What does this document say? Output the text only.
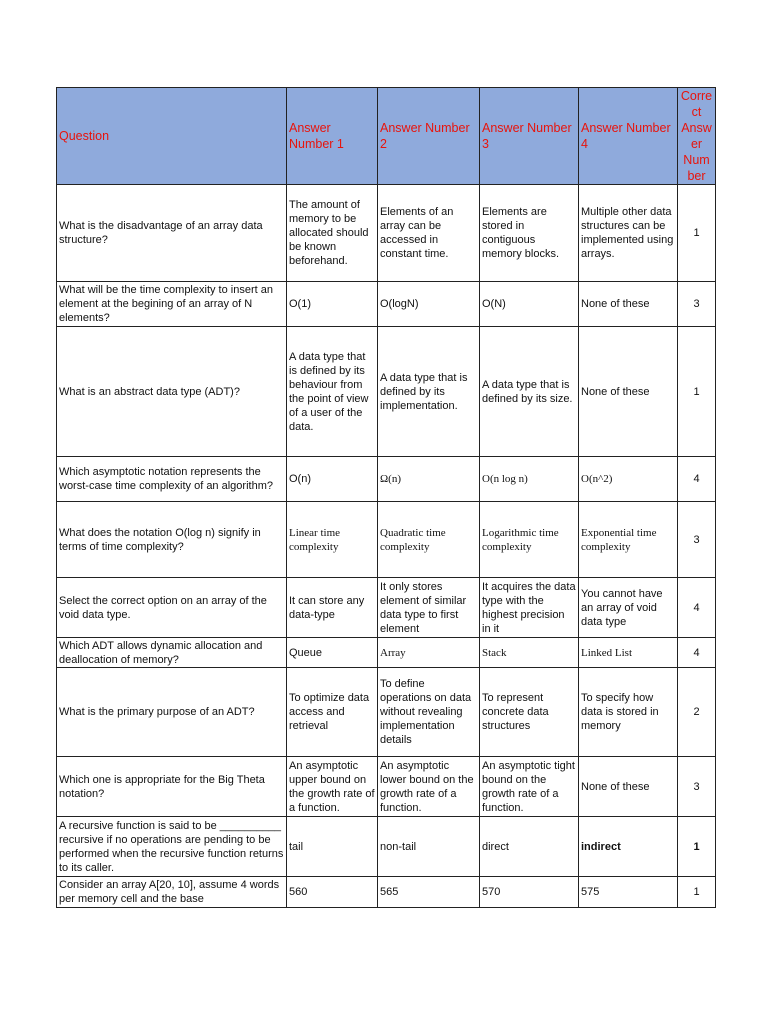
Question	Answer Number 1	Answer Number 2	Answer Number 3	Answer Number 4	Correct Answer Number
What is the disadvantage of an array data structure?	The amount of memory to be allocated should be known beforehand.	Elements of an array can be accessed in constant time.	Elements are stored in contiguous memory blocks.	Multiple other data structures can be implemented using arrays.	1
What will be the time complexity to insert an element at the begining of an array of N elements?	O(1)	O(logN)	O(N)	None of these	3
What is an abstract data type (ADT)?	A data type that is defined by its behaviour from the point of view of a user of the data.	A data type that is defined by its implementation.	A data type that is defined by its size.	None of these	1
Which asymptotic notation represents the worst-case time complexity of an algorithm?	O(n)	Ω(n)	O(n log n)	O(n^2)	4
What does the notation O(log n) signify in terms of time complexity?	Linear time complexity	Quadratic time complexity	Logarithmic time complexity	Exponential time complexity	3
Select the correct option on an array of the void data type.	It can store any data-type	It only stores element of similar data type to first element	It acquires the data type with the highest precision in it	You cannot have an array of void data type	4
Which ADT allows dynamic allocation and deallocation of memory?	Queue	Array	Stack	Linked List	4
What is the primary purpose of an ADT?	To optimize data access and retrieval	To define operations on data without revealing implementation details	To represent concrete data structures	To specify how data is stored in memory	2
Which one is appropriate for the Big Theta notation?	An asymptotic upper bound on the growth rate of a function.	An asymptotic lower bound on the growth rate of a function.	An asymptotic tight bound on the growth rate of a function.	None of these	3
A recursive function is said to be __________ recursive if no operations are pending to be performed when the recursive function returns to its caller.	tail	non-tail	direct	indirect	1
Consider an array A[20, 10], assume 4 words per memory cell and the base	560	565	570	575	1
